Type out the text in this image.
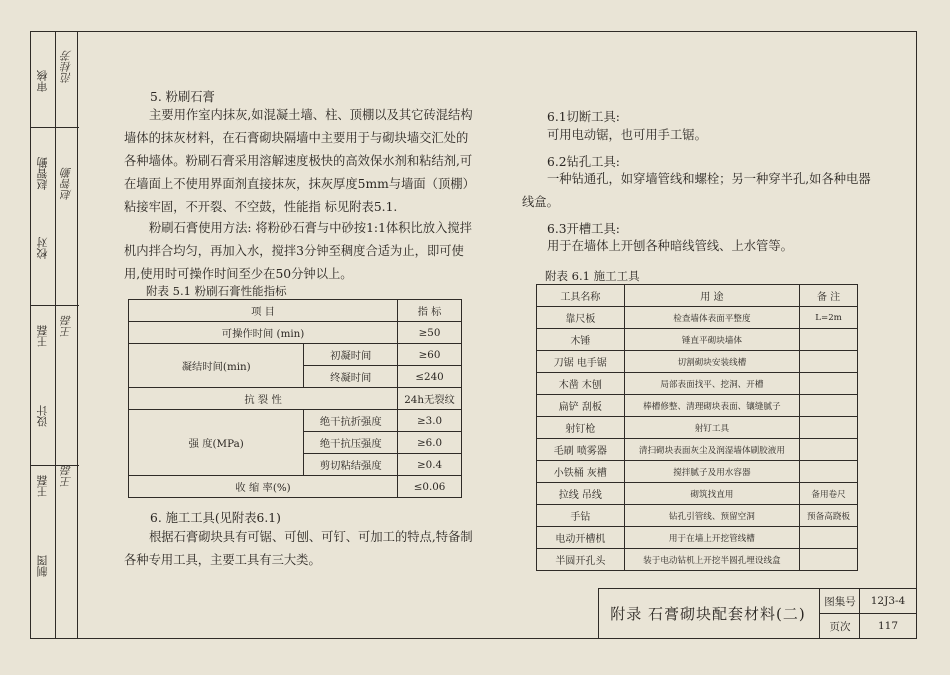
审核 范桂芳
校对
赵智勤 赵智勤
王磊 王磊
设计
王磊 王磊
制图
5. 粉刷石膏

主要用作室内抹灰,如混凝土墙、柱、顶棚以及其它砖混结构墙体的抹灰材料，在石膏砌块隔墙中主要用于与砌块墙交汇处的各种墙体。粉刷石膏采用溶解速度极快的高效保水剂和粘结剂,可在墙面上不使用界面剂直接抹灰，抹灰厚度5mm与墙面（顶棚）粘接牢固，不开裂、不空鼓，性能指 标见附表5.1.

粉刷石膏使用方法: 将粉砂石膏与中砂按1:1体积比放入搅拌机内拌合均匀，再加入水，搅拌3分钟至稠度合适为止，即可使用,使用时可操作时间至少在50分钟以上。

附表 5.1 粉刷石膏性能指标
项 目		指 标
可操作时间 (min)		≥50
凝结时间(min)	初凝时间	≥60
	终凝时间	≤240
抗 裂 性		24h无裂纹
强 度(MPa)	绝干抗折强度	≥3.0
	绝干抗压强度	≥6.0
	剪切粘结强度	≥0.4
收 缩 率(%)		≤0.06
6. 施工工具(见附表6.1)

根据石膏砌块具有可锯、可刨、可钉、可加工的特点,特备制各种专用工具，主要工具有三大类。

6.1切断工具:

可用电动锯，也可用手工锯。

6.2钻孔工具:

一种钻通孔，如穿墙管线和螺栓；另一种穿半孔,如各种电器线盒。

6.3开槽工具:

用于在墙体上开刨各种暗线管线、上水管等。

附表 6.1 施工工具
工具名称	用 途	备 注
靠尺板	检查墙体表面平整度	L=2m
木锤	锤直平砌块墙体	
刀锯 电手锯	切割砌块安装线槽	
木凿 木刨	局部表面找平、挖洞、开槽	
扁铲 刮板	棒槽修整、清理砌块表面、镶缝腻子	
射钉枪	射钉工具	
毛刷 喷雾器	清扫砌块表面灰尘及润湿墙体刷胶液用	
小铁桶 灰槽	搅拌腻子及用水容器	
拉线 吊线	砌筑找直用	备用卷尺
手钻	钻孔引管线、预留空洞	预备高跷板
电动开槽机	用于在墙上开挖管线槽	
半圆开孔头	装于电动钻机上开挖半圆孔埋设线盒	
附录 石膏砌块配套材料(二)
图集号	12J3-4
页次	117
